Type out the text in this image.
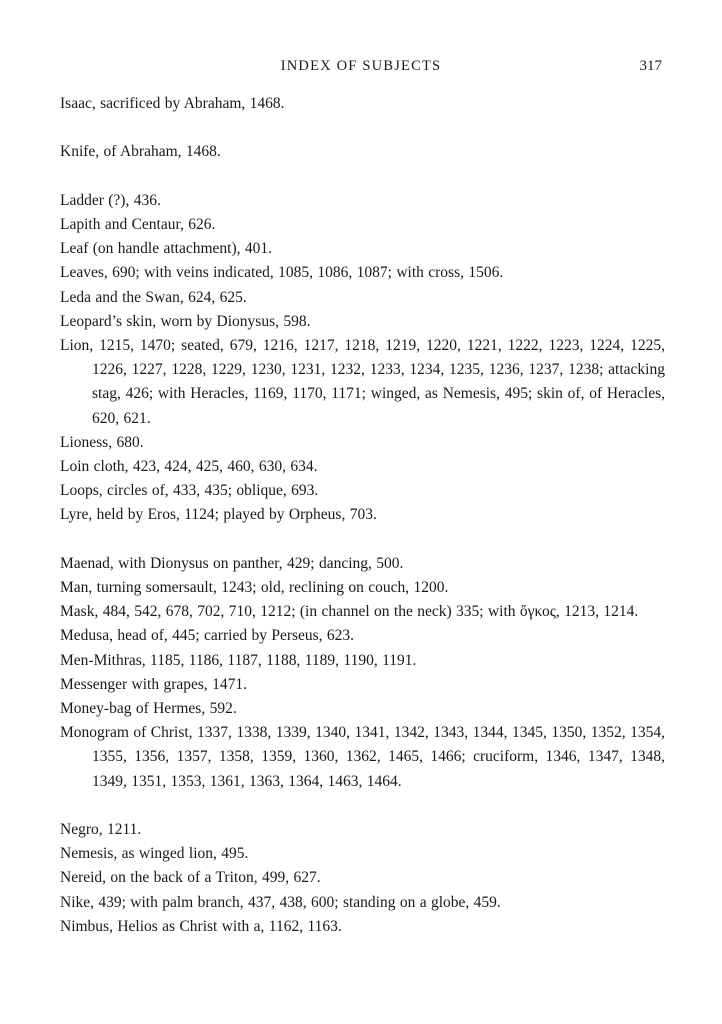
INDEX OF SUBJECTS	317
Isaac, sacrificed by Abraham, 1468.
Knife, of Abraham, 1468.
Ladder (?), 436.
Lapith and Centaur, 626.
Leaf (on handle attachment), 401.
Leaves, 690; with veins indicated, 1085, 1086, 1087; with cross, 1506.
Leda and the Swan, 624, 625.
Leopard’s skin, worn by Dionysus, 598.
Lion, 1215, 1470; seated, 679, 1216, 1217, 1218, 1219, 1220, 1221, 1222, 1223, 1224, 1225, 1226, 1227, 1228, 1229, 1230, 1231, 1232, 1233, 1234, 1235, 1236, 1237, 1238; attacking stag, 426; with Heracles, 1169, 1170, 1171; winged, as Nemesis, 495; skin of, of Heracles, 620, 621.
Lioness, 680.
Loin cloth, 423, 424, 425, 460, 630, 634.
Loops, circles of, 433, 435; oblique, 693.
Lyre, held by Eros, 1124; played by Orpheus, 703.
Maenad, with Dionysus on panther, 429; dancing, 500.
Man, turning somersault, 1243; old, reclining on couch, 1200.
Mask, 484, 542, 678, 702, 710, 1212; (in channel on the neck) 335; with ὄγκος, 1213, 1214.
Medusa, head of, 445; carried by Perseus, 623.
Men-Mithras, 1185, 1186, 1187, 1188, 1189, 1190, 1191.
Messenger with grapes, 1471.
Money-bag of Hermes, 592.
Monogram of Christ, 1337, 1338, 1339, 1340, 1341, 1342, 1343, 1344, 1345, 1350, 1352, 1354, 1355, 1356, 1357, 1358, 1359, 1360, 1362, 1465, 1466; cruciform, 1346, 1347, 1348, 1349, 1351, 1353, 1361, 1363, 1364, 1463, 1464.
Negro, 1211.
Nemesis, as winged lion, 495.
Nereid, on the back of a Triton, 499, 627.
Nike, 439; with palm branch, 437, 438, 600; standing on a globe, 459.
Nimbus, Helios as Christ with a, 1162, 1163.
